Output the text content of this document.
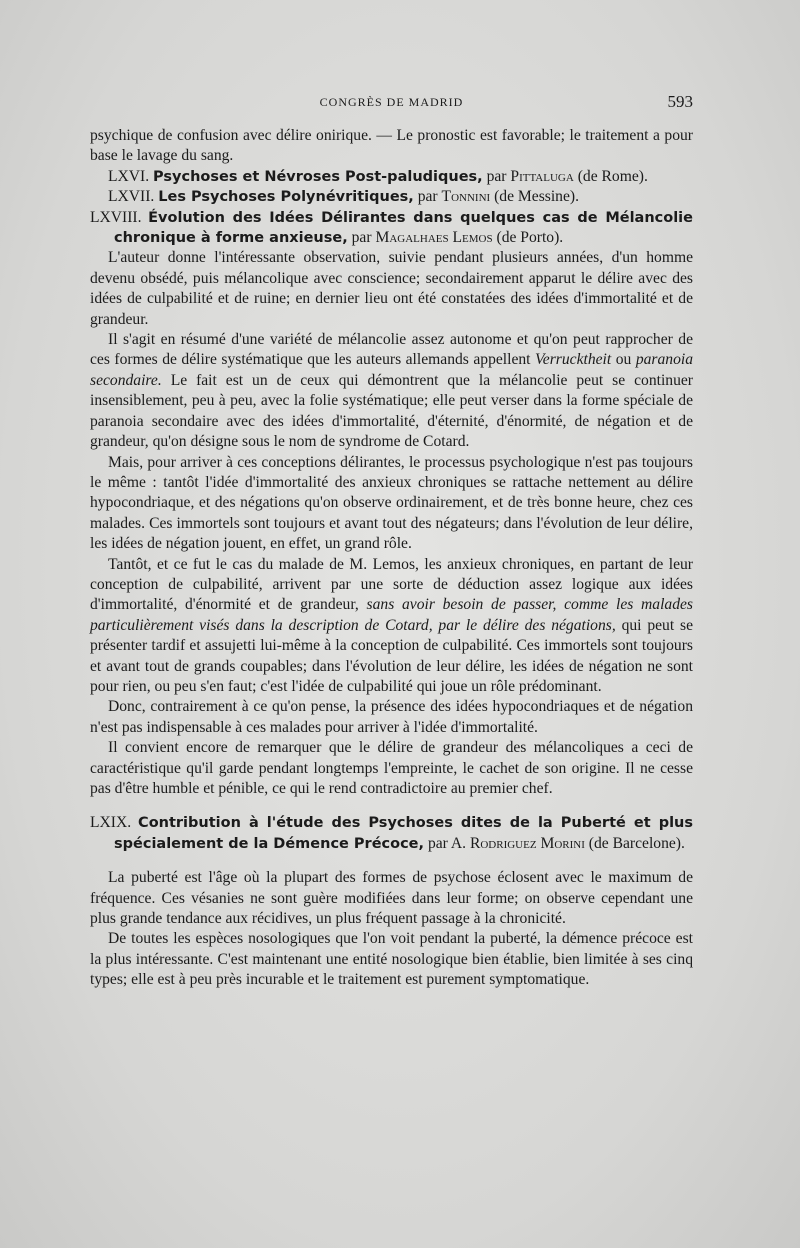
CONGRÈS DE MADRID	593

psychique de confusion avec délire onirique. — Le pronostic est favorable; le traitement a pour base le lavage du sang.

LXVI. Psychoses et Névroses Post-paludiques, par Pittaluga (de Rome).

LXVII. Les Psychoses Polynévritiques, par Tonnini (de Messine).

LXVIII. Évolution des Idées Délirantes dans quelques cas de Mélancolie chronique à forme anxieuse, par Magalhaes Lemos (de Porto).

L'auteur donne l'intéressante observation, suivie pendant plusieurs années, d'un homme devenu obsédé, puis mélancolique avec conscience; secondairement apparut le délire avec des idées de culpabilité et de ruine; en dernier lieu ont été constatées des idées d'immortalité et de grandeur.

Il s'agit en résumé d'une variété de mélancolie assez autonome et qu'on peut rapprocher de ces formes de délire systématique que les auteurs allemands appellent Verrucktheit ou paranoia secondaire. Le fait est un de ceux qui démontrent que la mélancolie peut se continuer insensiblement, peu à peu, avec la folie systématique; elle peut verser dans la forme spéciale de paranoia secondaire avec des idées d'immortalité, d'éternité, d'énormité, de négation et de grandeur, qu'on désigne sous le nom de syndrome de Cotard.

Mais, pour arriver à ces conceptions délirantes, le processus psychologique n'est pas toujours le même : tantôt l'idée d'immortalité des anxieux chroniques se rattache nettement au délire hypocondriaque, et des négations qu'on observe ordinairement, et de très bonne heure, chez ces malades. Ces immortels sont toujours et avant tout des négateurs; dans l'évolution de leur délire, les idées de négation jouent, en effet, un grand rôle.

Tantôt, et ce fut le cas du malade de M. Lemos, les anxieux chroniques, en partant de leur conception de culpabilité, arrivent par une sorte de déduction assez logique aux idées d'immortalité, d'énormité et de grandeur, sans avoir besoin de passer, comme les malades particulièrement visés dans la description de Cotard, par le délire des négations, qui peut se présenter tardif et assujetti lui-même à la conception de culpabilité. Ces immortels sont toujours et avant tout de grands coupables; dans l'évolution de leur délire, les idées de négation ne sont pour rien, ou peu s'en faut; c'est l'idée de culpabilité qui joue un rôle prédominant.

Donc, contrairement à ce qu'on pense, la présence des idées hypocondriaques et de négation n'est pas indispensable à ces malades pour arriver à l'idée d'immortalité.

Il convient encore de remarquer que le délire de grandeur des mélancoliques a ceci de caractéristique qu'il garde pendant longtemps l'empreinte, le cachet de son origine. Il ne cesse pas d'être humble et pénible, ce qui le rend contradictoire au premier chef.

LXIX. Contribution à l'étude des Psychoses dites de la Puberté et plus spécialement de la Démence Précoce, par A. Rodriguez Morini (de Barcelone).

La puberté est l'âge où la plupart des formes de psychose éclosent avec le maximum de fréquence. Ces vésanies ne sont guère modifiées dans leur forme; on observe cependant une plus grande tendance aux récidives, un plus fréquent passage à la chronicité.

De toutes les espèces nosologiques que l'on voit pendant la puberté, la démence précoce est la plus intéressante. C'est maintenant une entité nosologique bien établie, bien limitée à ses cinq types; elle est à peu près incurable et le traitement est purement symptomatique.
